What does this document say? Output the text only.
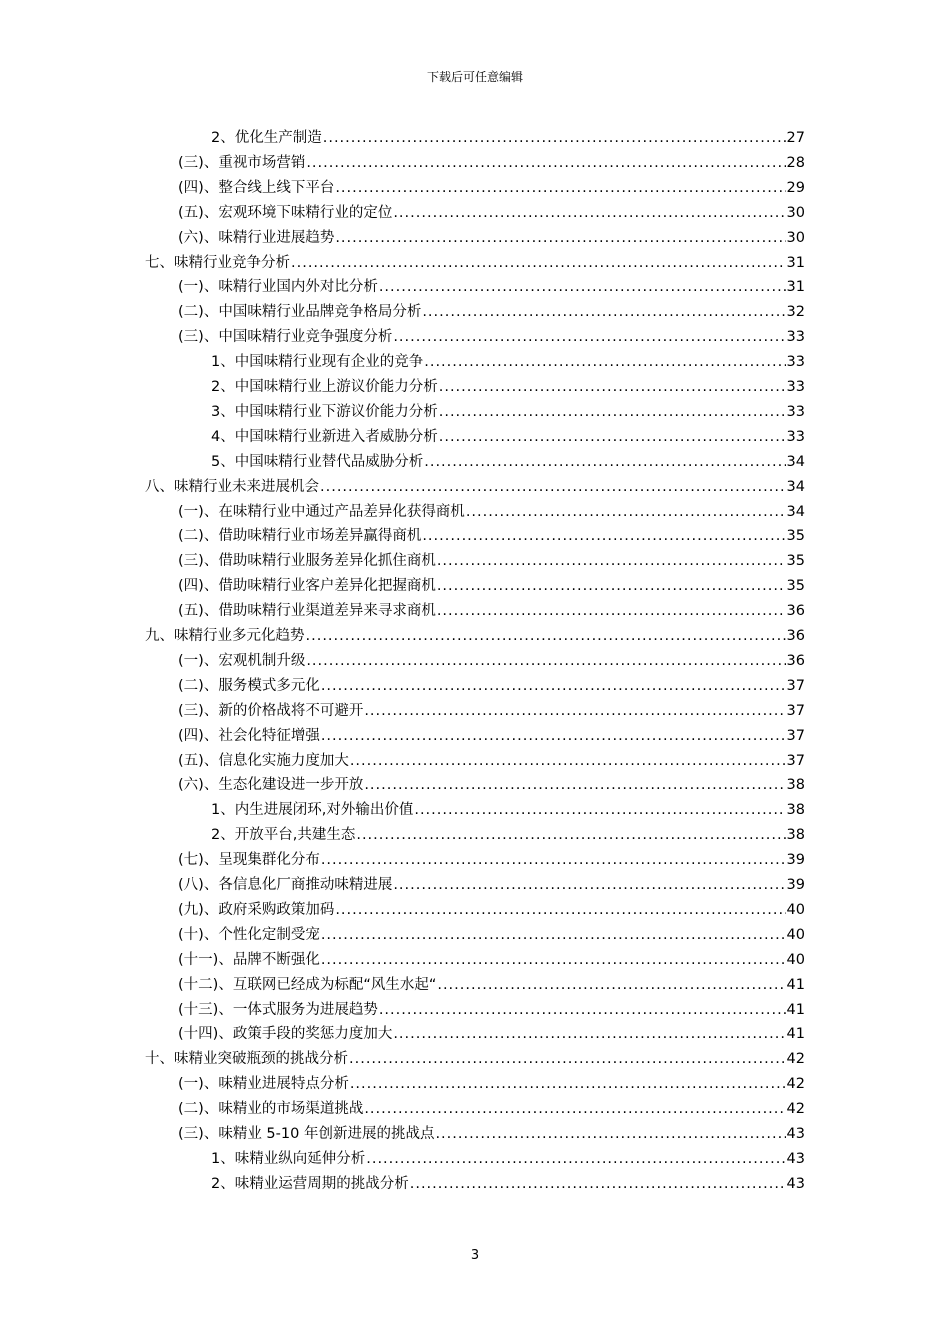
下载后可任意编辑
2、优化生产制造 .....	27
(三)、重视市场营销 .....	28
(四)、整合线上线下平台 .....	29
(五)、宏观环境下味精行业的定位 .....	30
(六)、味精行业进展趋势 .....	30
七、味精行业竞争分析 .....	31
(一)、味精行业国内外对比分析 .....	31
(二)、中国味精行业品牌竞争格局分析 .....	32
(三)、中国味精行业竞争强度分析 .....	33
1、中国味精行业现有企业的竞争 .....	33
2、中国味精行业上游议价能力分析 .....	33
3、中国味精行业下游议价能力分析 .....	33
4、中国味精行业新进入者威胁分析 .....	33
5、中国味精行业替代品威胁分析 .....	34
八、味精行业未来进展机会 .....	34
(一)、在味精行业中通过产品差异化获得商机 .....	34
(二)、借助味精行业市场差异赢得商机 .....	35
(三)、借助味精行业服务差异化抓住商机 .....	35
(四)、借助味精行业客户差异化把握商机 .....	35
(五)、借助味精行业渠道差异来寻求商机 .....	36
九、味精行业多元化趋势 .....	36
(一)、宏观机制升级 .....	36
(二)、服务模式多元化 .....	37
(三)、新的价格战将不可避开 .....	37
(四)、社会化特征增强 .....	37
(五)、信息化实施力度加大 .....	37
(六)、生态化建设进一步开放 .....	38
1、内生进展闭环,对外输出价值 .....	38
2、开放平台,共建生态 .....	38
(七)、呈现集群化分布 .....	39
(八)、各信息化厂商推动味精进展 .....	39
(九)、政府采购政策加码 .....	40
(十)、个性化定制受宠 .....	40
(十一)、品牌不断强化 .....	40
(十二)、互联网已经成为标配“风生水起“ .....	41
(十三)、一体式服务为进展趋势 .....	41
(十四)、政策手段的奖惩力度加大 .....	41
十、味精业突破瓶颈的挑战分析 .....	42
(一)、味精业进展特点分析 .....	42
(二)、味精业的市场渠道挑战 .....	42
(三)、味精业 5-10 年创新进展的挑战点 .....	43
1、味精业纵向延伸分析 .....	43
2、味精业运营周期的挑战分析 .....	43
3
